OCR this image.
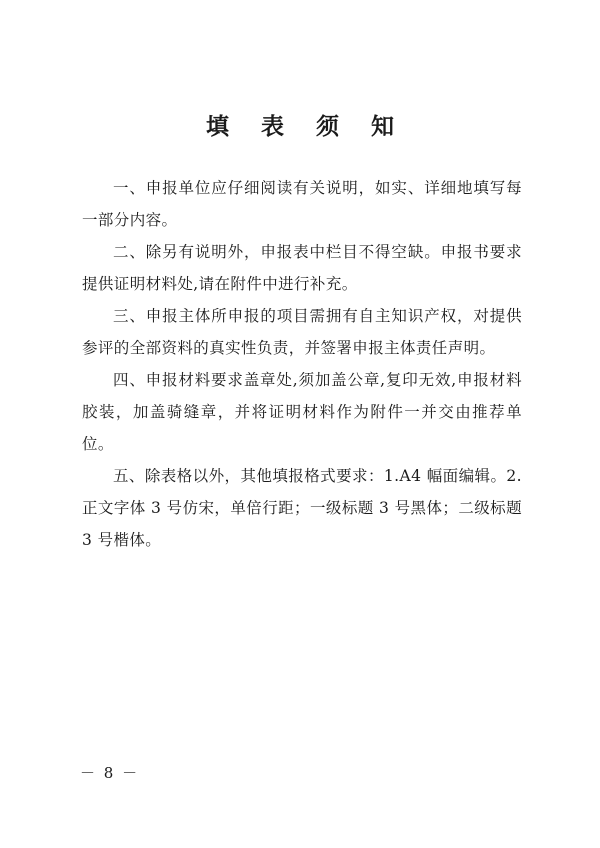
填 表 须 知

一、申报单位应仔细阅读有关说明，如实、详细地填写每一部分内容。

二、除另有说明外，申报表中栏目不得空缺。申报书要求提供证明材料处,请在附件中进行补充。

三、申报主体所申报的项目需拥有自主知识产权，对提供参评的全部资料的真实性负责，并签署申报主体责任声明。

四、申报材料要求盖章处,须加盖公章,复印无效,申报材料胶装，加盖骑缝章，并将证明材料作为附件一并交由推荐单位。

五、除表格以外，其他填报格式要求：1.A4 幅面编辑。2.正文字体 3 号仿宋，单倍行距；一级标题 3 号黑体；二级标题 3 号楷体。

－ 8 －
